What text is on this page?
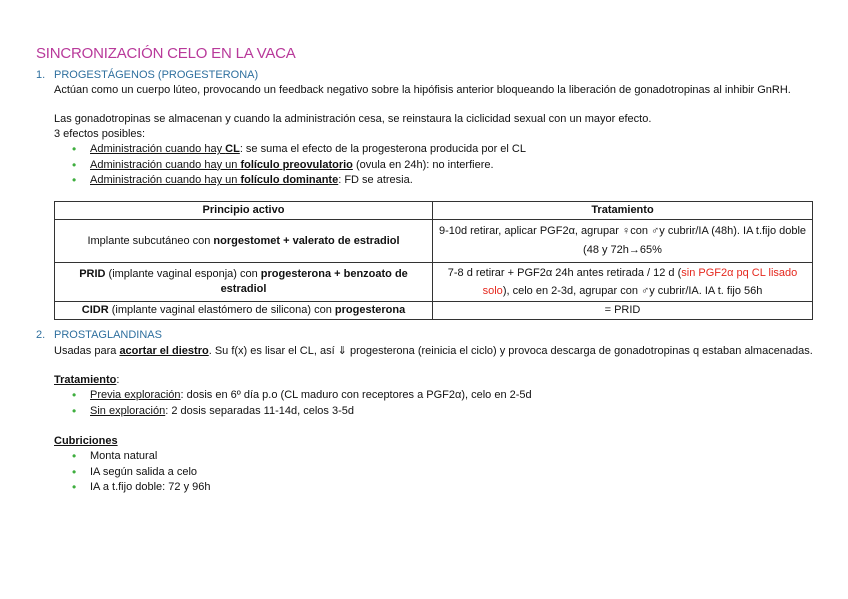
SINCRONIZACIÓN CELO EN LA VACA
1. PROGESTÁGENOS (PROGESTERONA)
Actúan como un cuerpo lúteo, provocando un feedback negativo sobre la hipófisis anterior bloqueando la liberación de gonadotropinas al inhibir GnRH.
Las gonadotropinas se almacenan y cuando la administración cesa, se reinstaura la ciclicidad sexual con un mayor efecto.
3 efectos posibles:
• Administración cuando hay CL: se suma el efecto de la progesterona producida por el CL
• Administración cuando hay un folículo preovulatorio (ovula en 24h): no interfiere.
• Administración cuando hay un folículo dominante: FD se atresia.
Principio activo	Tratamiento
Implante subcutáneo con norgestomet + valerato de estradiol	9-10d retirar, aplicar PGF2α, agrupar ♀con ♂y cubrir/IA (48h). IA t.fijo doble (48 y 72h→65%
PRID (implante vaginal esponja) con progesterona + benzoato de estradiol	7-8 d retirar + PGF2α 24h antes retirada / 12 d (sin PGF2α pq CL lisado solo), celo en 2-3d, agrupar con ♂y cubrir/IA. IA t. fijo 56h
CIDR (implante vaginal elastómero de silicona) con progesterona	= PRID
2. PROSTAGLANDINAS
Usadas para acortar el diestro. Su f(x) es lisar el CL, así ⇓ progesterona (reinicia el ciclo) y provoca descarga de gonadotropinas q estaban almacenadas.
Tratamiento:
• Previa exploración: dosis en 6º día p.o (CL maduro con receptores a PGF2α), celo en 2-5d
• Sin exploración: 2 dosis separadas 11-14d, celos 3-5d
Cubriciones
• Monta natural
• IA según salida a celo
• IA a t.fijo doble: 72 y 96h
